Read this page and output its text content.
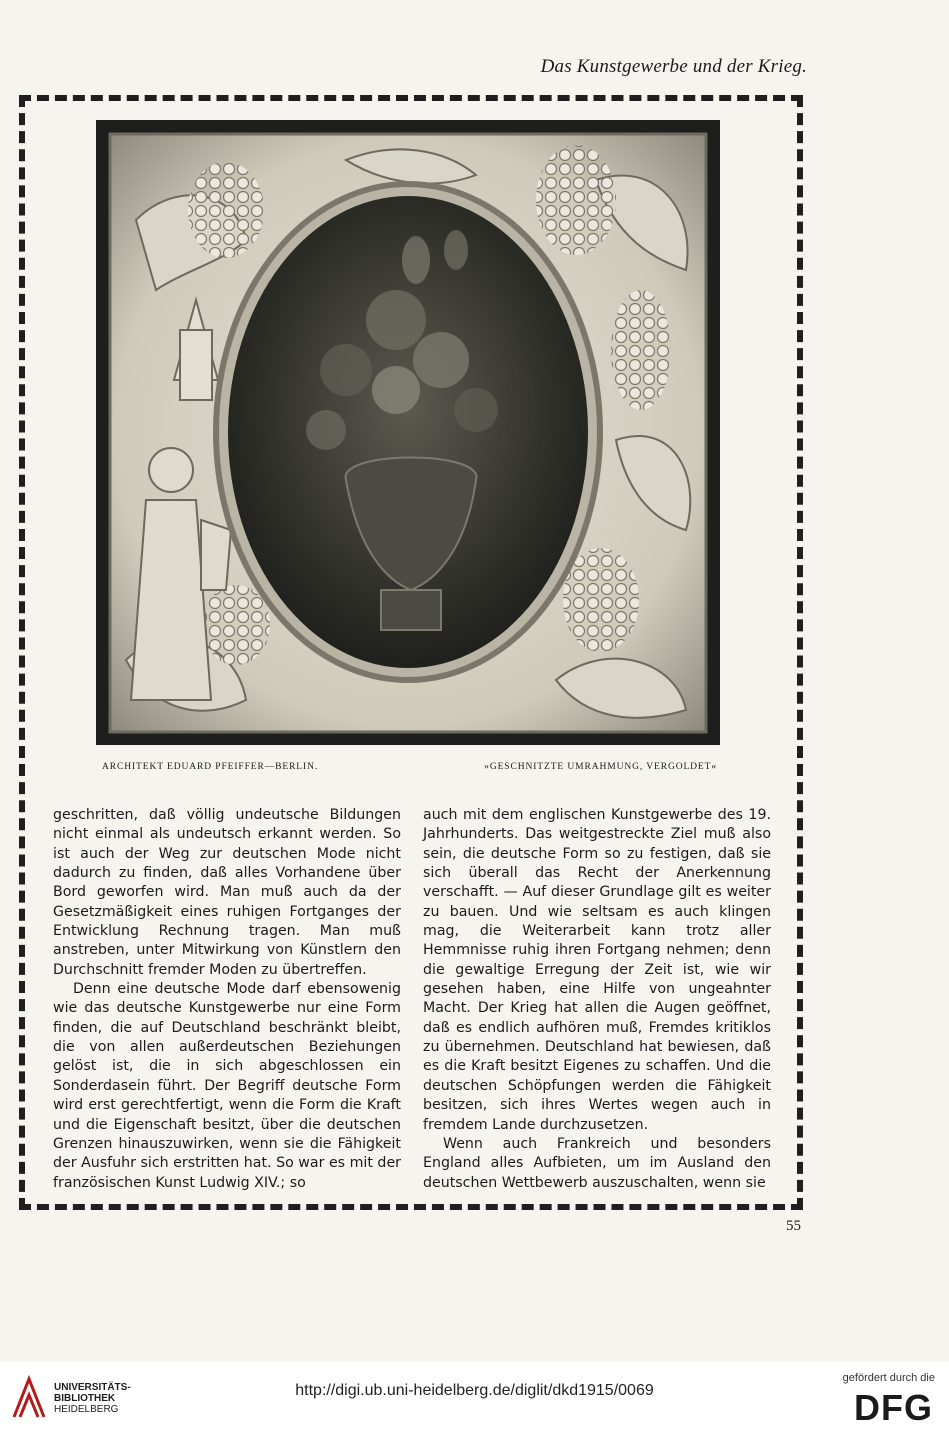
Das Kunstgewerbe und der Krieg.
ARCHITEKT EDUARD PFEIFFER—BERLIN.	»GESCHNITZTE UMRAHMUNG, VERGOLDET«

geschritten, daß völlig undeutsche Bildungen nicht einmal als undeutsch erkannt werden. So ist auch der Weg zur deutschen Mode nicht dadurch zu finden, daß alles Vorhandene über Bord geworfen wird. Man muß auch da der Gesetzmäßigkeit eines ruhigen Fortganges der Entwicklung Rechnung tragen. Man muß anstreben, unter Mitwirkung von Künstlern den Durchschnitt fremder Moden zu übertreffen.

Denn eine deutsche Mode darf ebensowenig wie das deutsche Kunstgewerbe nur eine Form finden, die auf Deutschland beschränkt bleibt, die von allen außerdeutschen Beziehungen gelöst ist, die in sich abgeschlossen ein Sonderdasein führt. Der Begriff deutsche Form wird erst gerechtfertigt, wenn die Form die Kraft und die Eigenschaft besitzt, über die deutschen Grenzen hinauszuwirken, wenn sie die Fähigkeit der Ausfuhr sich erstritten hat. So war es mit der französischen Kunst Ludwig XIV.; so

auch mit dem englischen Kunstgewerbe des 19. Jahrhunderts. Das weitgestreckte Ziel muß also sein, die deutsche Form so zu festigen, daß sie sich überall das Recht der Anerkennung verschafft. — Auf dieser Grundlage gilt es weiter zu bauen. Und wie seltsam es auch klingen mag, die Weiterarbeit kann trotz aller Hemmnisse ruhig ihren Fortgang nehmen; denn die gewaltige Erregung der Zeit ist, wie wir gesehen haben, eine Hilfe von ungeahnter Macht. Der Krieg hat allen die Augen geöffnet, daß es endlich aufhören muß, Fremdes kritiklos zu übernehmen. Deutschland hat bewiesen, daß es die Kraft besitzt Eigenes zu schaffen. Und die deutschen Schöpfungen werden die Fähigkeit besitzen, sich ihres Wertes wegen auch in fremdem Lande durchzusetzen.

Wenn auch Frankreich und besonders England alles Aufbieten, um im Ausland den deutschen Wettbewerb auszuschalten, wenn sie

55
UNIVERSITÄTS-
BIBLIOTHEK
HEIDELBERG
http://digi.ub.uni-heidelberg.de/diglit/dkd1915/0069
gefördert durch die
DFG
